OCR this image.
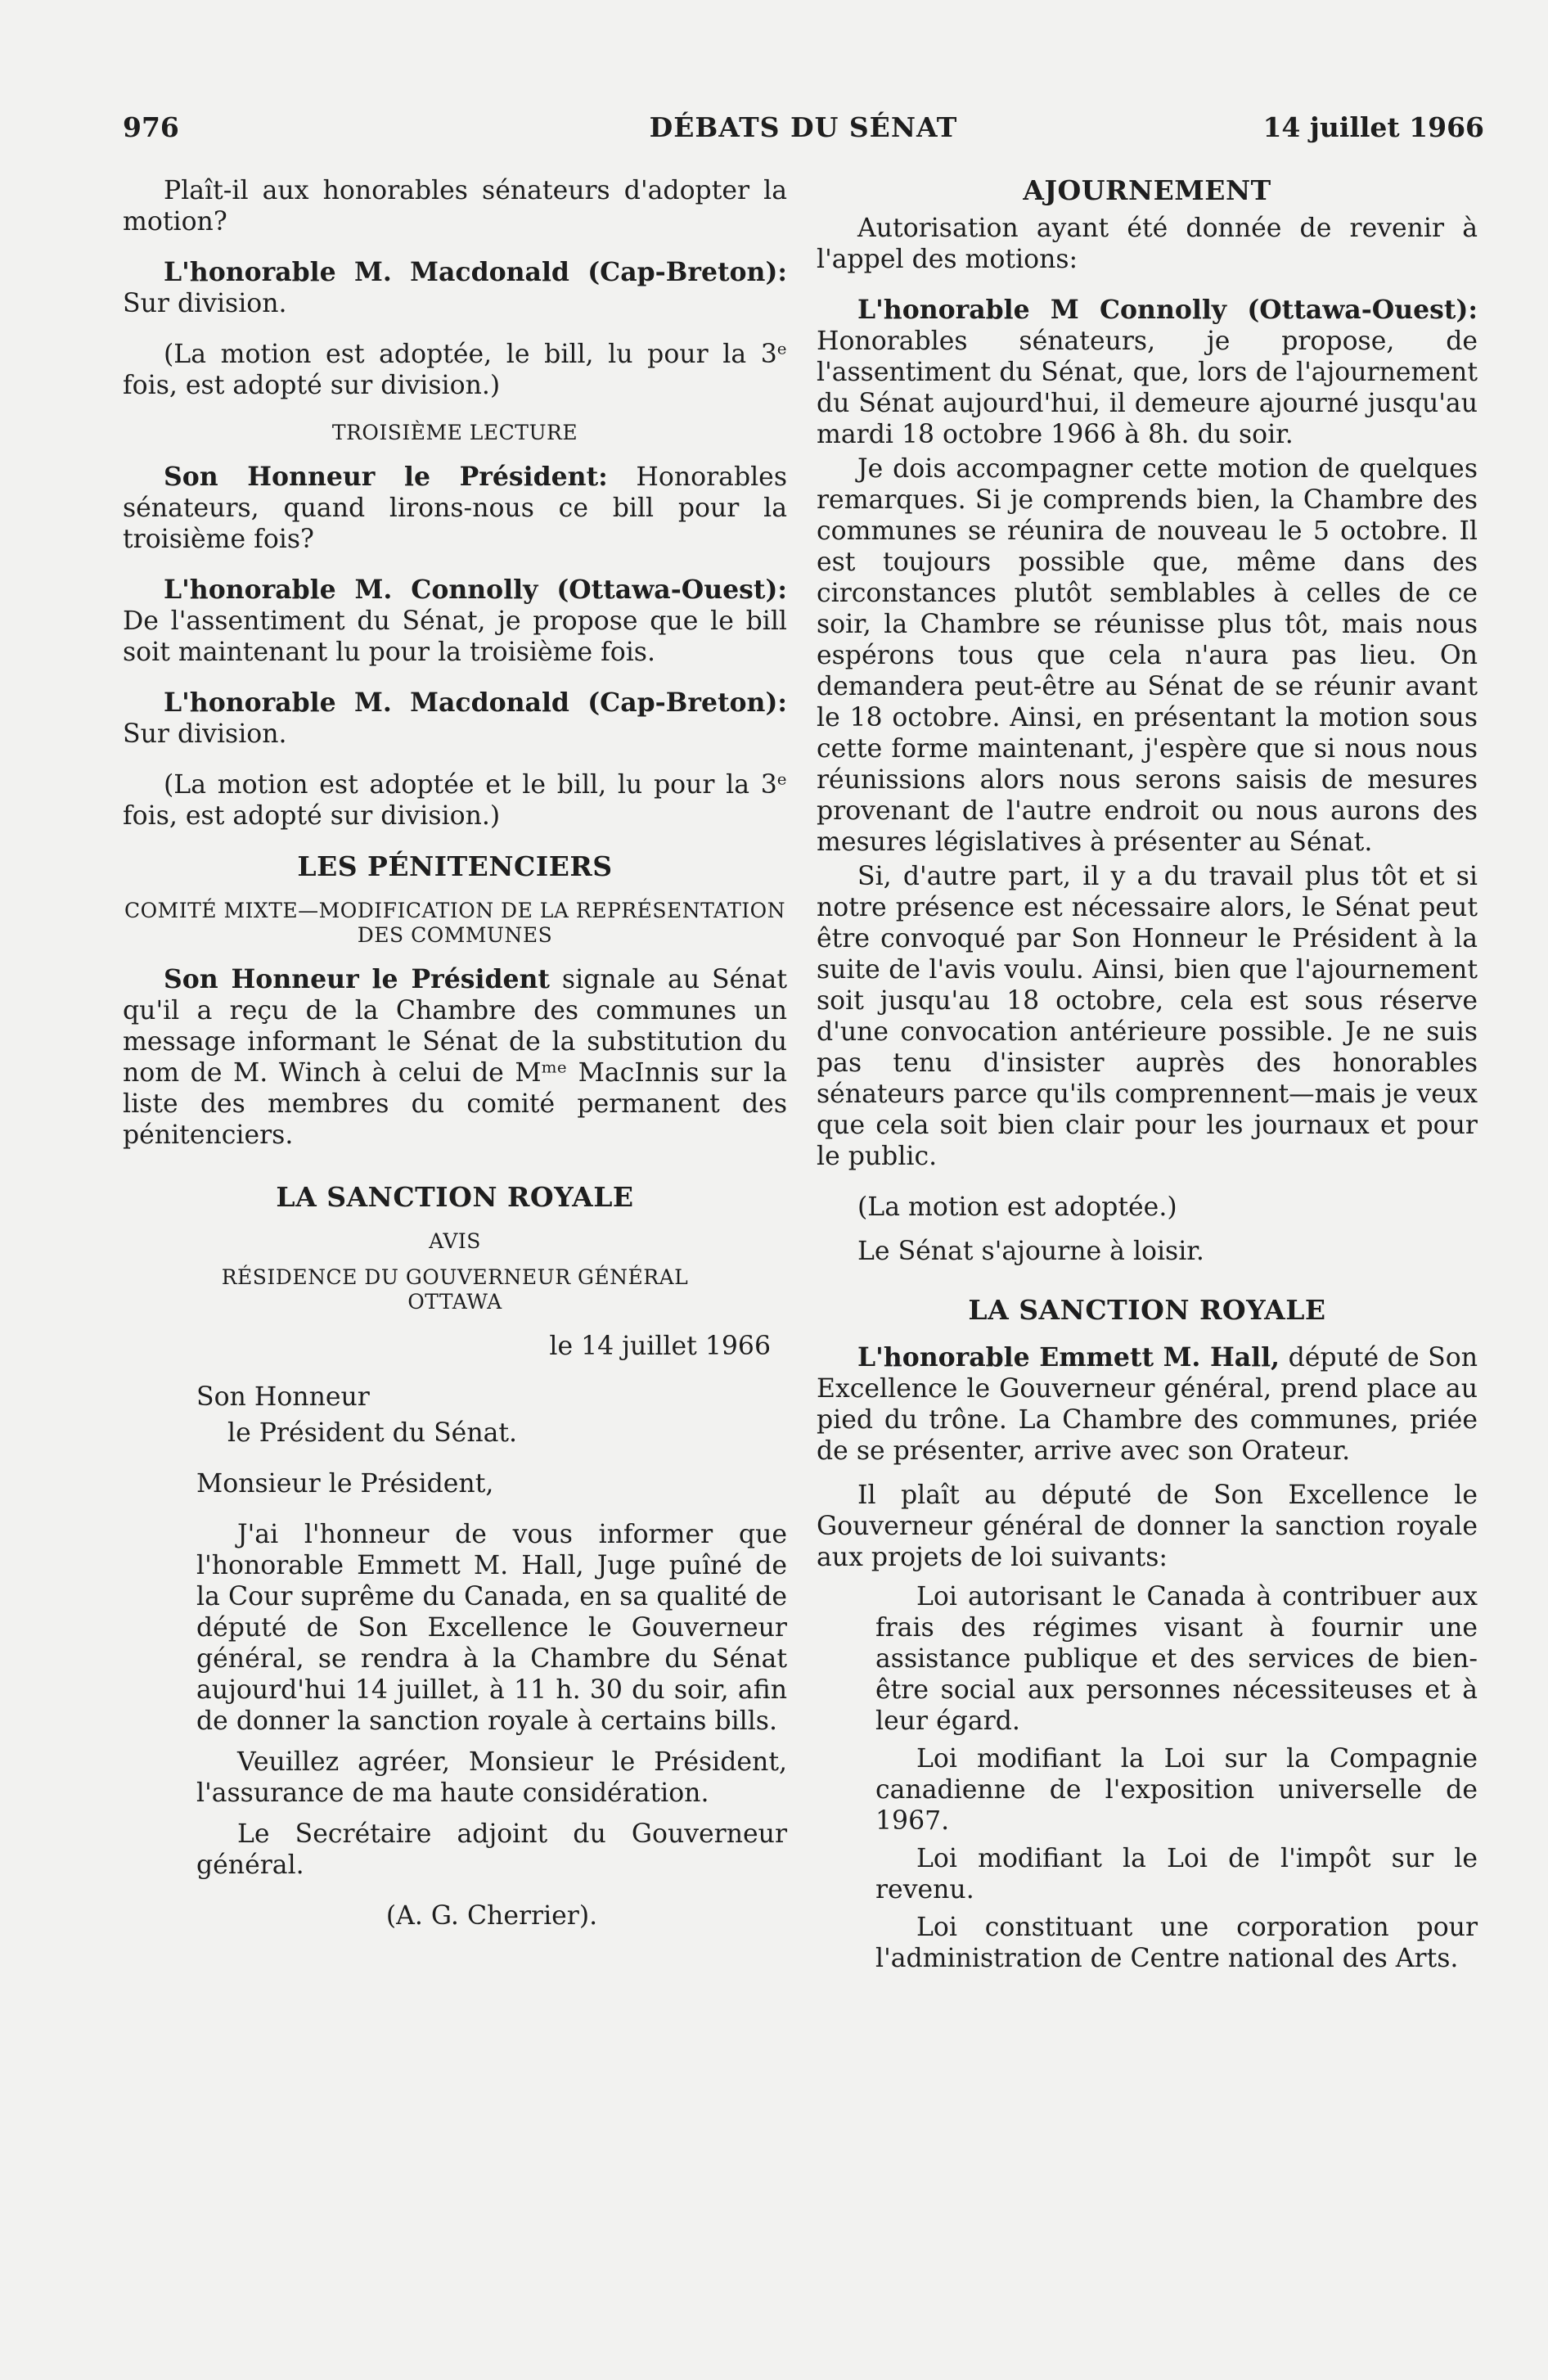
976	DÉBATS DU SÉNAT	14 juillet 1966

Plaît-il aux honorables sénateurs d'adopter la motion?

L'honorable M. Macdonald (Cap-Breton): Sur division.

(La motion est adoptée, le bill, lu pour la 3ᵉ fois, est adopté sur division.)

TROISIÈME LECTURE

Son Honneur le Président: Honorables sénateurs, quand lirons-nous ce bill pour la troisième fois?

L'honorable M. Connolly (Ottawa-Ouest): De l'assentiment du Sénat, je propose que le bill soit maintenant lu pour la troisième fois.

L'honorable M. Macdonald (Cap-Breton): Sur division.

(La motion est adoptée et le bill, lu pour la 3ᵉ fois, est adopté sur division.)

LES PÉNITENCIERS
COMITÉ MIXTE—MODIFICATION DE LA REPRÉSENTATION DES COMMUNES

Son Honneur le Président signale au Sénat qu'il a reçu de la Chambre des communes un message informant le Sénat de la substitution du nom de M. Winch à celui de Mᵐᵉ MacInnis sur la liste des membres du comité permanent des pénitenciers.

LA SANCTION ROYALE
AVIS
RÉSIDENCE DU GOUVERNEUR GÉNÉRAL
OTTAWA

le 14 juillet 1966

Son Honneur

le Président du Sénat.

Monsieur le Président,

J'ai l'honneur de vous informer que l'honorable Emmett M. Hall, Juge puîné de la Cour suprême du Canada, en sa qualité de député de Son Excellence le Gouverneur général, se rendra à la Chambre du Sénat aujourd'hui 14 juillet, à 11 h. 30 du soir, afin de donner la sanction royale à certains bills.

Veuillez agréer, Monsieur le Président, l'assurance de ma haute considération.

Le Secrétaire adjoint du Gouverneur général.

(A. G. Cherrier).

AJOURNEMENT

Autorisation ayant été donnée de revenir à l'appel des motions:

L'honorable M Connolly (Ottawa-Ouest): Honorables sénateurs, je propose, de l'assentiment du Sénat, que, lors de l'ajournement du Sénat aujourd'hui, il demeure ajourné jusqu'au mardi 18 octobre 1966 à 8h. du soir.

Je dois accompagner cette motion de quelques remarques. Si je comprends bien, la Chambre des communes se réunira de nouveau le 5 octobre. Il est toujours possible que, même dans des circonstances plutôt semblables à celles de ce soir, la Chambre se réunisse plus tôt, mais nous espérons tous que cela n'aura pas lieu. On demandera peut-être au Sénat de se réunir avant le 18 octobre. Ainsi, en présentant la motion sous cette forme maintenant, j'espère que si nous nous réunissions alors nous serons saisis de mesures provenant de l'autre endroit ou nous aurons des mesures législatives à présenter au Sénat.

Si, d'autre part, il y a du travail plus tôt et si notre présence est nécessaire alors, le Sénat peut être convoqué par Son Honneur le Président à la suite de l'avis voulu. Ainsi, bien que l'ajournement soit jusqu'au 18 octobre, cela est sous réserve d'une convocation antérieure possible. Je ne suis pas tenu d'insister auprès des honorables sénateurs parce qu'ils comprennent—mais je veux que cela soit bien clair pour les journaux et pour le public.

(La motion est adoptée.)

Le Sénat s'ajourne à loisir.

LA SANCTION ROYALE

L'honorable Emmett M. Hall, député de Son Excellence le Gouverneur général, prend place au pied du trône. La Chambre des communes, priée de se présenter, arrive avec son Orateur.

Il plaît au député de Son Excellence le Gouverneur général de donner la sanction royale aux projets de loi suivants:

Loi autorisant le Canada à contribuer aux frais des régimes visant à fournir une assistance publique et des services de bien-être social aux personnes nécessiteuses et à leur égard.

Loi modifiant la Loi sur la Compagnie canadienne de l'exposition universelle de 1967.

Loi modifiant la Loi de l'impôt sur le revenu.

Loi constituant une corporation pour l'administration de Centre national des Arts.
